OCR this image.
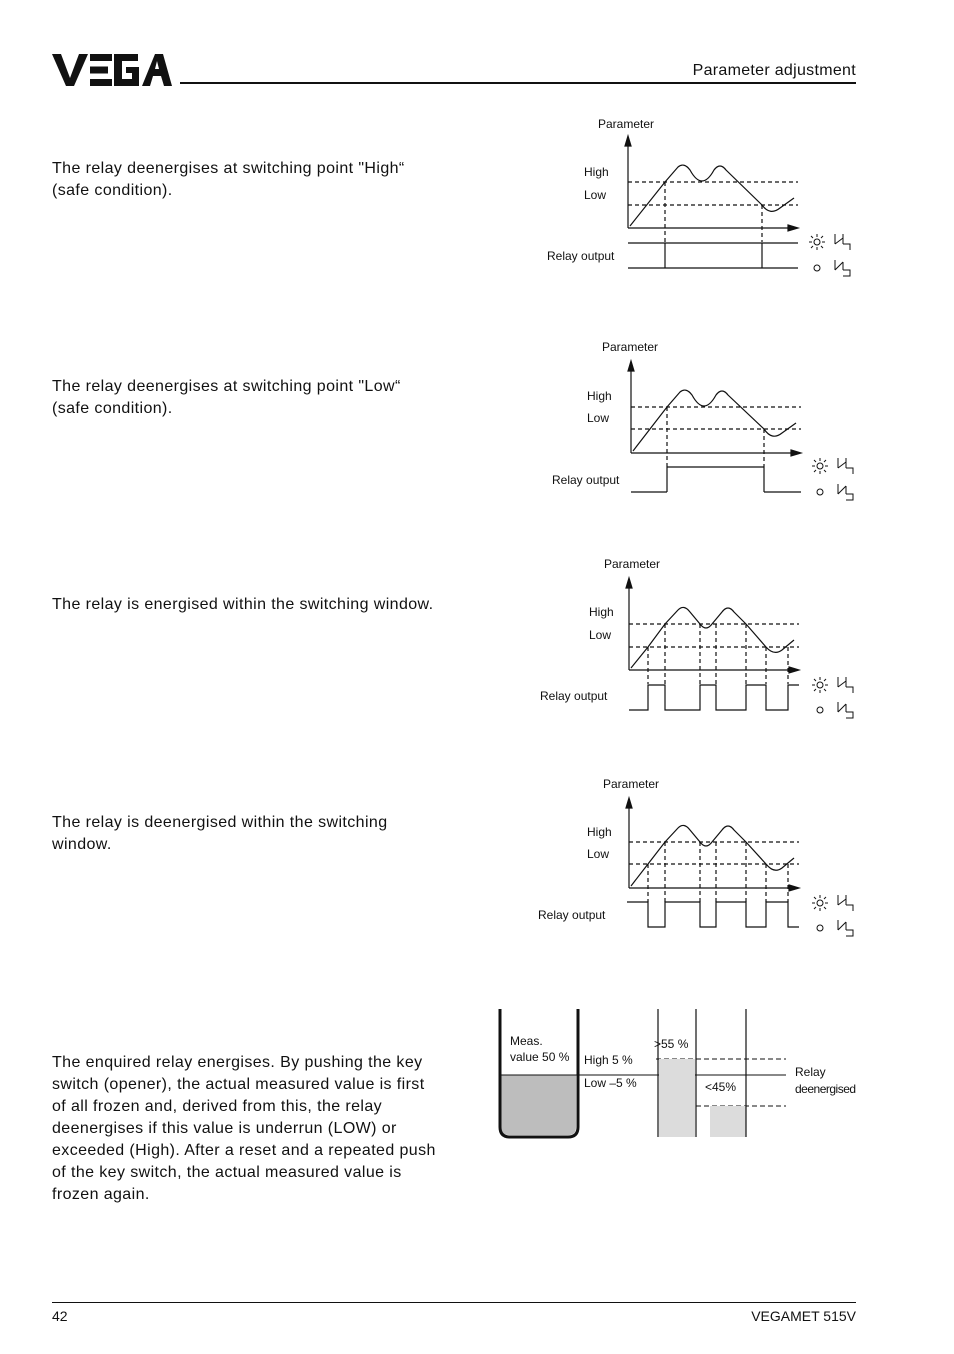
Parameter adjustment
The relay deenergises at switching point "High“ (safe condition).
Parameter
High
Low
Relay output
The relay deenergises at switching point "Low“ (safe condition).
Parameter
High
Low
Relay output
The relay is energised within the switching window.
Parameter
High
Low
Relay output
The relay is deenergised within the switching window.
Parameter
High
Low
Relay output
The enquired relay energises. By pushing the key switch (opener), the actual measured value is first of all frozen and, derived from this, the relay deenergises if this value is underrun (LOW) or exceeded (High). After a reset and a repeated push of the key switch, the actual measured value is frozen again.
Meas.
value 50 % High 5 %
Low –5 %
>55 %
<45%
Relay
deenergised
42	VEGAMET 515V
